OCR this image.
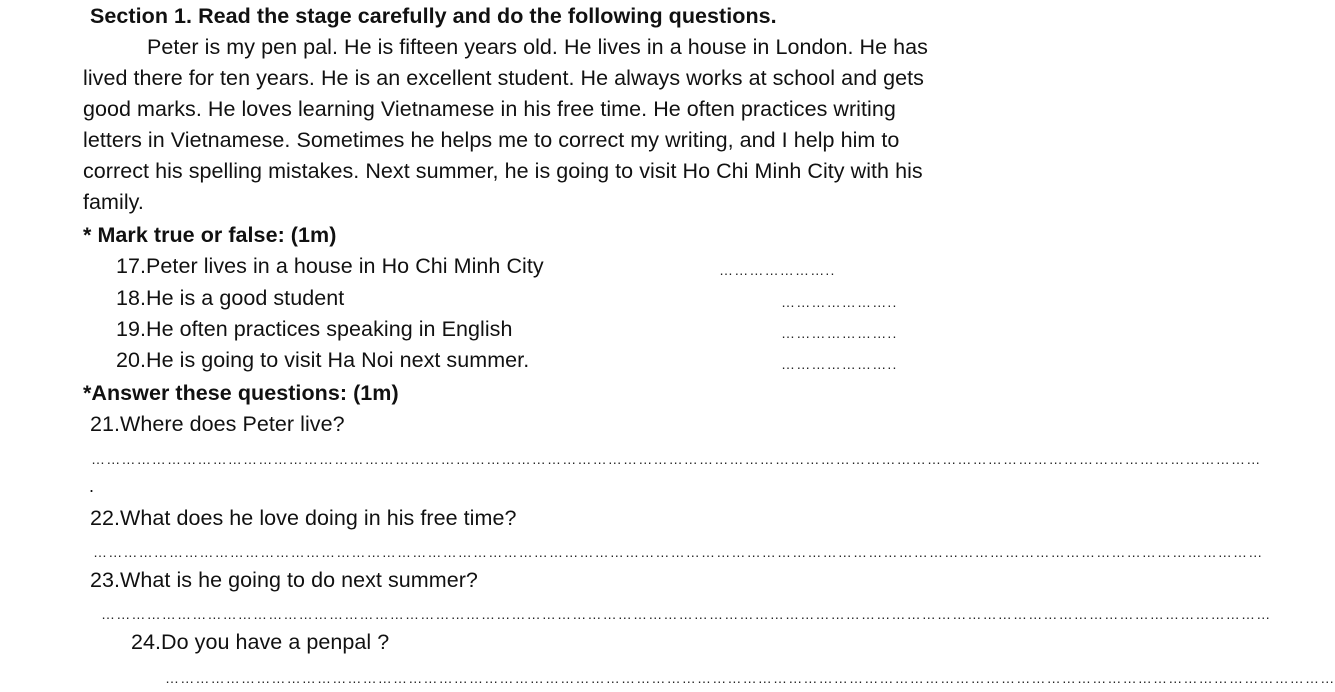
Section 1. Read the stage carefully and do the following questions.
Peter is my pen pal. He is fifteen years old. He lives in a house in London. He has
lived there for ten years. He is an excellent student. He always works at school and gets
good marks. He loves learning Vietnamese in his free time. He often practices writing
letters in Vietnamese. Sometimes he helps me to correct my writing, and I help him to
correct his spelling mistakes. Next summer, he is going to visit Ho Chi Minh City with his
family.
* Mark true or false: (1m)
17.Peter lives in a house in Ho Chi Minh City	…………………..
18.He is a good student	…………………..
19.He often practices speaking in English	…………………..
20.He is going to visit Ha Noi next summer.	…………………..
*Answer these questions: (1m)
21.Where does Peter live?
……………………………………………………………………………………………………………………………………………………………………………………………………………
.
22.What does he love doing in his free time?
……………………………………………………………………………………………………………………………………………………………………………………………………………
23.What is he going to do next summer?
……………………………………………………………………………………………………………………………………………………………………………………………………………
24.Do you have a penpal ?
……………………………………………………………………………………………………………………………………………………………………………………………………………
